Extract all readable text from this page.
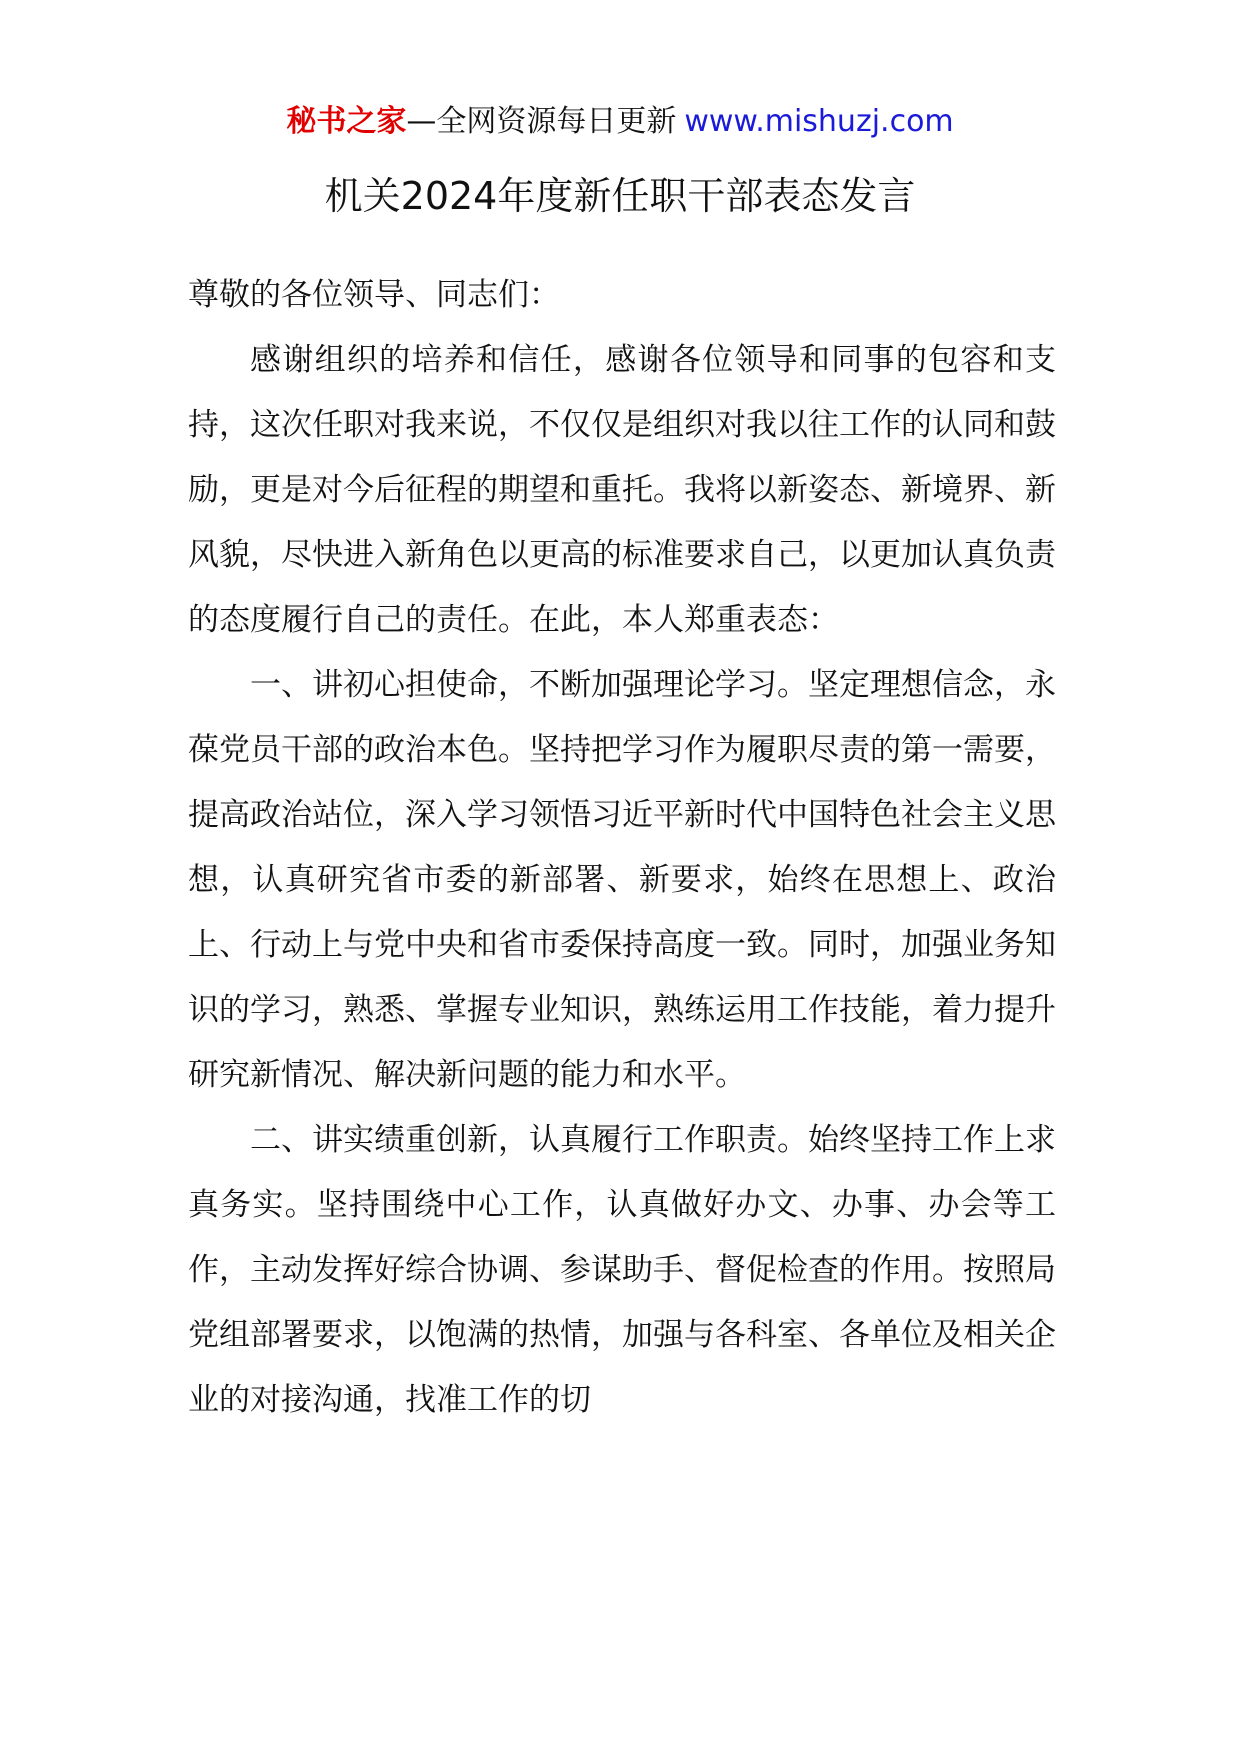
秘书之家—全网资源每日更新 www.mishuzj.com
机关2024年度新任职干部表态发言

尊敬的各位领导、同志们：

感谢组织的培养和信任，感谢各位领导和同事的包容和支持，这次任职对我来说，不仅仅是组织对我以往工作的认同和鼓励，更是对今后征程的期望和重托。我将以新姿态、新境界、新风貌，尽快进入新角色以更高的标准要求自己，以更加认真负责的态度履行自己的责任。在此，本人郑重表态：

一、讲初心担使命，不断加强理论学习。坚定理想信念，永葆党员干部的政治本色。坚持把学习作为履职尽责的第一需要，提高政治站位，深入学习领悟习近平新时代中国特色社会主义思想，认真研究省市委的新部署、新要求，始终在思想上、政治上、行动上与党中央和省市委保持高度一致。同时，加强业务知识的学习，熟悉、掌握专业知识，熟练运用工作技能，着力提升研究新情况、解决新问题的能力和水平。

二、讲实绩重创新，认真履行工作职责。始终坚持工作上求真务实。坚持围绕中心工作，认真做好办文、办事、办会等工作，主动发挥好综合协调、参谋助手、督促检查的作用。按照局党组部署要求，以饱满的热情，加强与各科室、各单位及相关企业的对接沟通，找准工作的切
